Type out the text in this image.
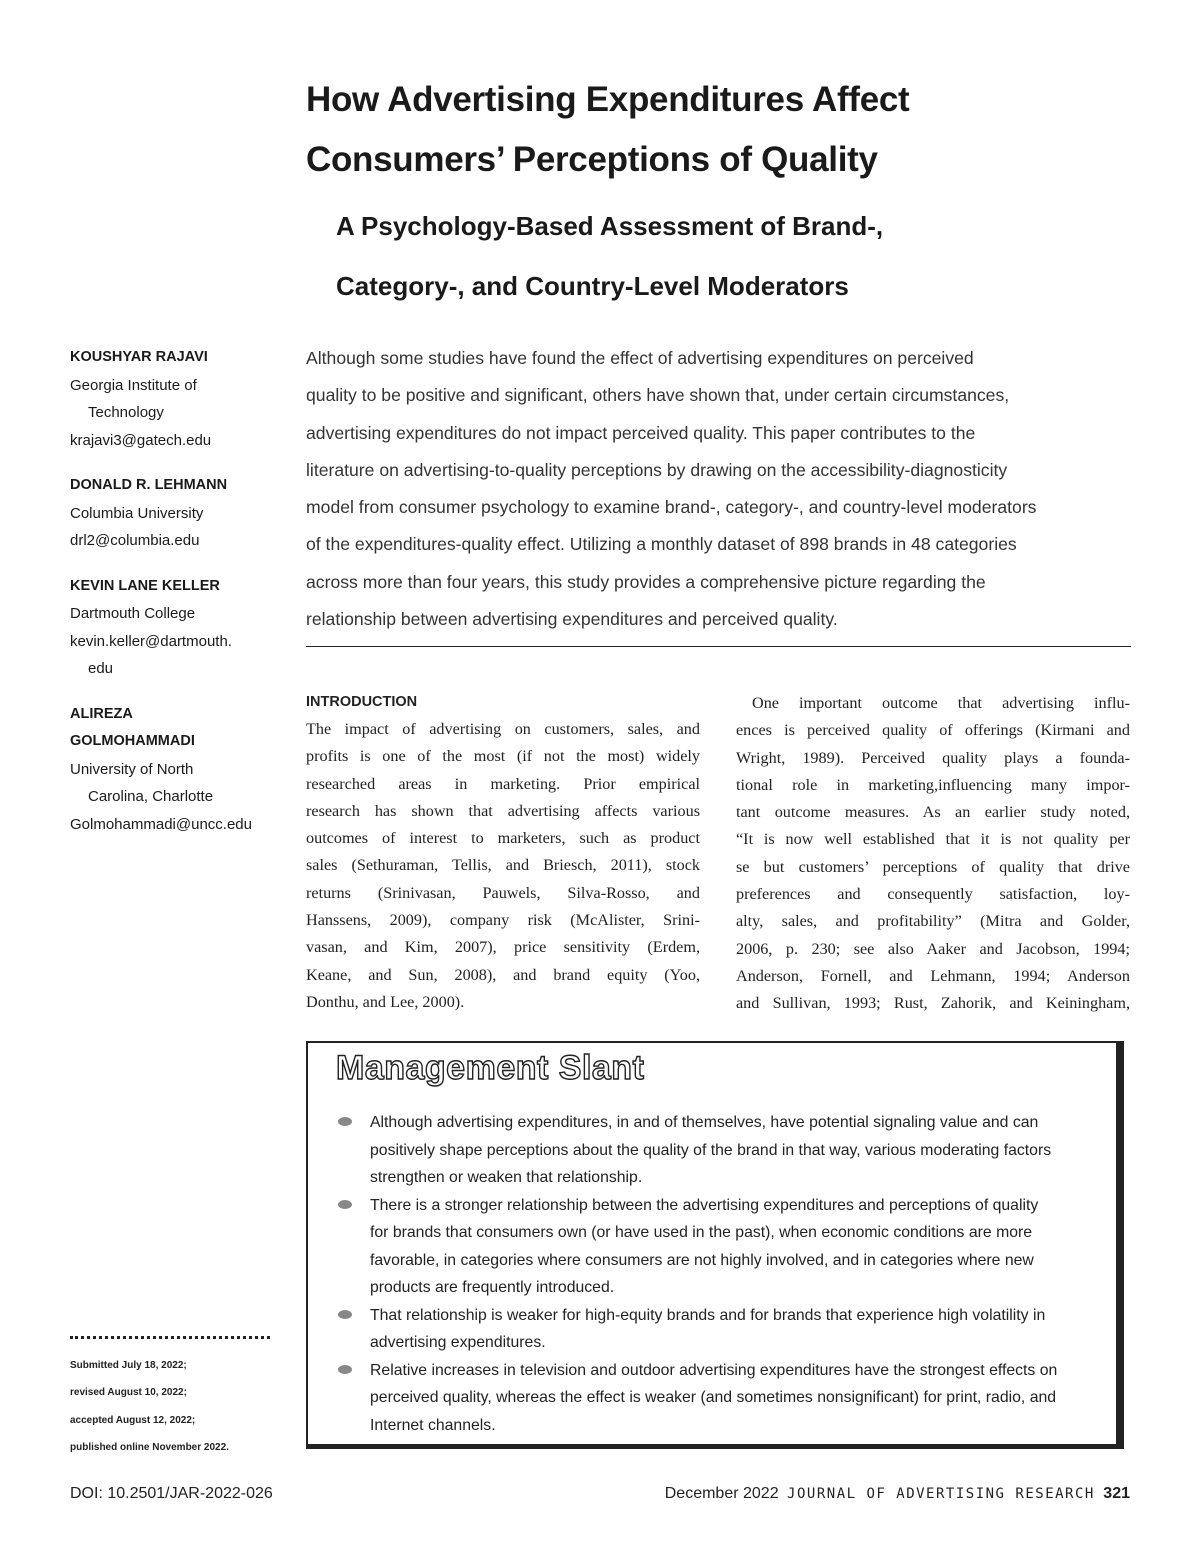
How Advertising Expenditures Affect
Consumers’ Perceptions of Quality
A Psychology-Based Assessment of Brand-,
Category-, and Country-Level Moderators
KOUSHYAR RAJAVI
Georgia Institute of
Technology
krajavi3@gatech.edu
DONALD R. LEHMANN
Columbia University
drl2@columbia.edu
KEVIN LANE KELLER
Dartmouth College
kevin.keller@dartmouth.
edu
ALIREZA
GOLMOHAMMADI
University of North
Carolina, Charlotte
Golmohammadi@uncc.edu
Although some studies have found the effect of advertising expenditures on perceived
quality to be positive and significant, others have shown that, under certain circumstances,
advertising expenditures do not impact perceived quality. This paper contributes to the
literature on advertising-to-quality perceptions by drawing on the accessibility-diagnosticity
model from consumer psychology to examine brand-, category-, and country-level moderators
of the expenditures-quality effect. Utilizing a monthly dataset of 898 brands in 48 categories
across more than four years, this study provides a comprehensive picture regarding the
relationship between advertising expenditures and perceived quality.
INTRODUCTION
The impact of advertising on customers, sales, and
profits is one of the most (if not the most) widely
researched areas in marketing. Prior empirical
research has shown that advertising affects various
outcomes of interest to marketers, such as product
sales (Sethuraman, Tellis, and Briesch, 2011), stock
returns (Srinivasan, Pauwels, Silva-Rosso, and
Hanssens, 2009), company risk (McAlister, Srini-
vasan, and Kim, 2007), price sensitivity (Erdem,
Keane, and Sun, 2008), and brand equity (Yoo,
Donthu, and Lee, 2000).
One important outcome that advertising influ-
ences is perceived quality of offerings (Kirmani and
Wright, 1989). Perceived quality plays a founda-
tional role in marketing,influencing many impor-
tant outcome measures. As an earlier study noted,
“It is now well established that it is not quality per
se but customers’ perceptions of quality that drive
preferences and consequently satisfaction, loy-
alty, sales, and profitability” (Mitra and Golder,
2006, p. 230; see also Aaker and Jacobson, 1994;
Anderson, Fornell, and Lehmann, 1994; Anderson
and Sullivan, 1993; Rust, Zahorik, and Keiningham,
Management Slant
Although advertising expenditures, in and of themselves, have potential signaling value and can
positively shape perceptions about the quality of the brand in that way, various moderating factors
strengthen or weaken that relationship.
There is a stronger relationship between the advertising expenditures and perceptions of quality
for brands that consumers own (or have used in the past), when economic conditions are more
favorable, in categories where consumers are not highly involved, and in categories where new
products are frequently introduced.
That relationship is weaker for high-equity brands and for brands that experience high volatility in
advertising expenditures.
Relative increases in television and outdoor advertising expenditures have the strongest effects on
perceived quality, whereas the effect is weaker (and sometimes nonsignificant) for print, radio, and
Internet channels.
Submitted July 18, 2022;
revised August 10, 2022;
accepted August 12, 2022;
published online November 2022.
DOI: 10.2501/JAR-2022-026	December 2022 JOURNAL OF ADVERTISING RESEARCH 321
